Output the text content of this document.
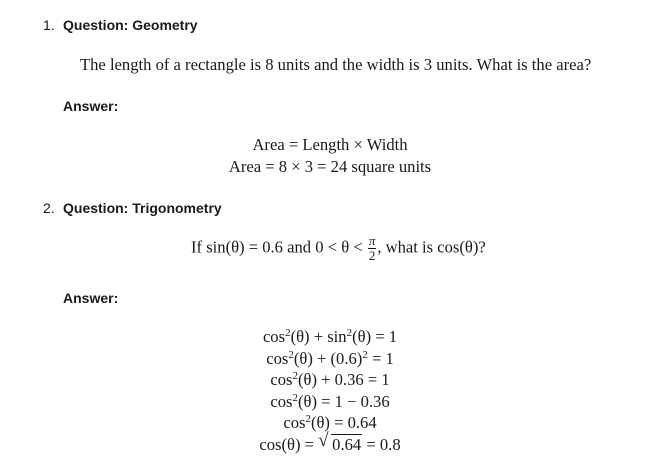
1. Question: Geometry
The length of a rectangle is 8 units and the width is 3 units. What is the area?
Answer:
Area = Length × Width
Area = 8 × 3 = 24 square units
2. Question: Trigonometry
If sin(θ) = 0.6 and $0 < \theta < \frac{\pi}{2}$ , what is cos(θ)?
Answer:
$\cos^2(\theta) + \sin^2(\theta) = 1$
$\cos^2(\theta) + (0.6)^2 = 1$
$\cos^2(\theta) + 0.36 = 1$
$\cos^2(\theta) = 1 - 0.36$
$\cos^2(\theta) = 0.64$
cos(θ) = √ 0.64 = 0.8
